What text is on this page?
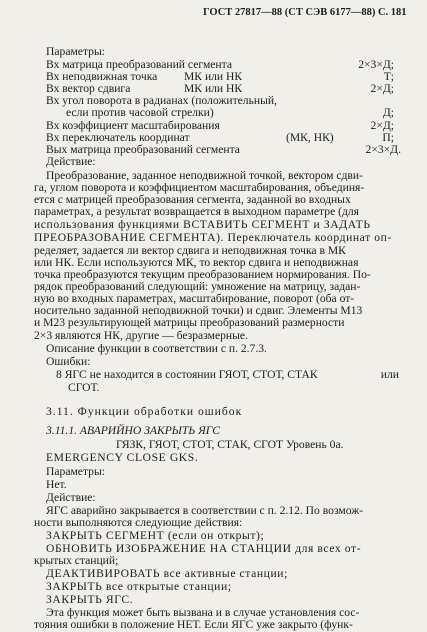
ГОСТ 27817—88 (СТ СЭВ 6177—88) С. 181
Параметры:
Вх матрица преобразований сегмента	2×3×Д;
Вх неподвижная точка МК или НК	Т;
Вх вектор сдвига	МК или НК	2×Д;
Вх угол поворота в радианах (положительный,
если против часовой стрелки)	Д;
Вх коэффициент масштабирования	2×Д;
Вх переключатель координат	(МК, НК)	П;
Вых матрица преобразований сегмента	2×3×Д.
Действие:
Преобразование, заданное неподвижной точкой, вектором сдви-
га, углом поворота и коэффициентом масштабирования, объединя-
ется с матрицей преобразования сегмента, заданной во входных
параметрах, а результат возвращается в выходном параметре (для
использования функциями ВСТАВИТЬ СЕГМЕНТ и ЗАДАТЬ
ПРЕОБРАЗОВАНИЕ СЕГМЕНТА). Переключатель координат оп-
ределяет, задается ли вектор сдвига и неподвижная точка в МК
или НК. Если используются МК, то вектор сдвига и неподвижная
точка преобразуются текущим преобразованием нормирования. По-
рядок преобразований следующий: умножение на матрицу, задан-
ную во входных параметрах, масштабирование, поворот (оба от-
носительно заданной неподвижной точки) и сдвиг. Элементы М13
и М23 результирующей матрицы преобразований размерности
2×3 являются НК, другие — безразмерные.
Описание функции в соответствии с п. 2.7.3.
Ошибки:
8 ЯГС не находится в состоянии ГЯОТ, СТОТ, СТАК	или
СГОТ.
3.11. Функции обработки ошибок
3.11.1. АВАРИЙНО ЗАКРЫТЬ ЯГС
ГЯЗК, ГЯОТ, СТОТ, СТАК, СГОТ Уровень 0а.
EMERGENCY CLOSE GKS.
Параметры:
Нет.
Действие:
ЯГС аварийно закрывается в соответствии с п. 2.12. По возмож-
ности выполняются следующие действия:
ЗАКРЫТЬ СЕГМЕНТ (если он открыт);
ОБНОВИТЬ ИЗОБРАЖЕНИЕ НА СТАНЦИИ для всех от-
крытых станций;
ДЕАКТИВИРОВАТЬ все активные станции;
ЗАКРЫТЬ все открытые станции;
ЗАКРЫТЬ ЯГС.
Эта функция может быть вызвана и в случае установления сос-
тояния ошибки в положение НЕТ. Если ЯГС уже закрыто (функ-
